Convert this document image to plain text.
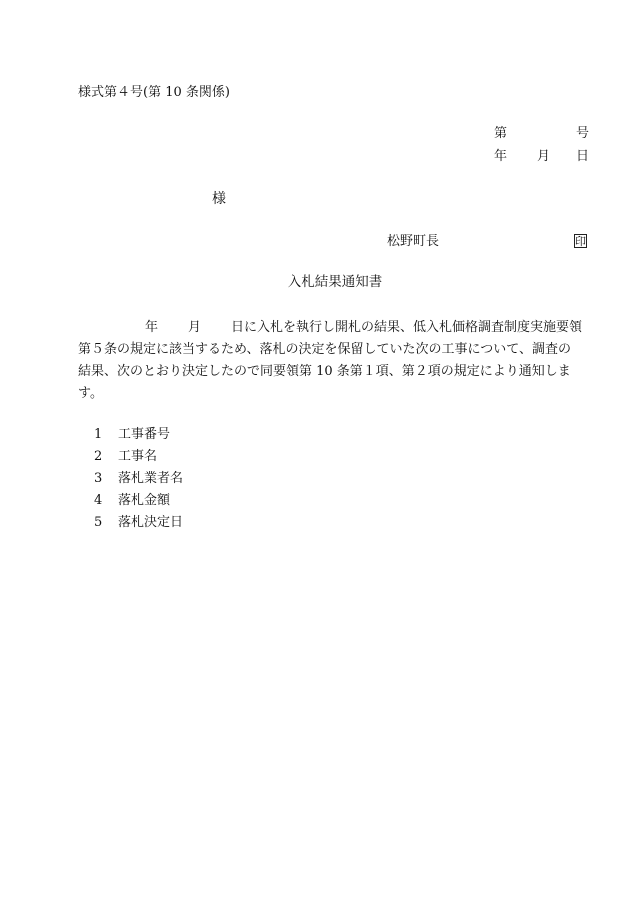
様式第４号(第 10 条関係)
第	号
年 月 日
様
松野町長	印
入札結果通知書
年 月 日に入札を執行し開札の結果、低入札価格調査制度実施要領
第５条の規定に該当するため、落札の決定を保留していた次の工事について、調査の
結果、次のとおり決定したので同要領第 10 条第１項、第２項の規定により通知しま
す。
1	工事番号
2	工事名
3	落札業者名
4	落札金額
5	落札決定日
